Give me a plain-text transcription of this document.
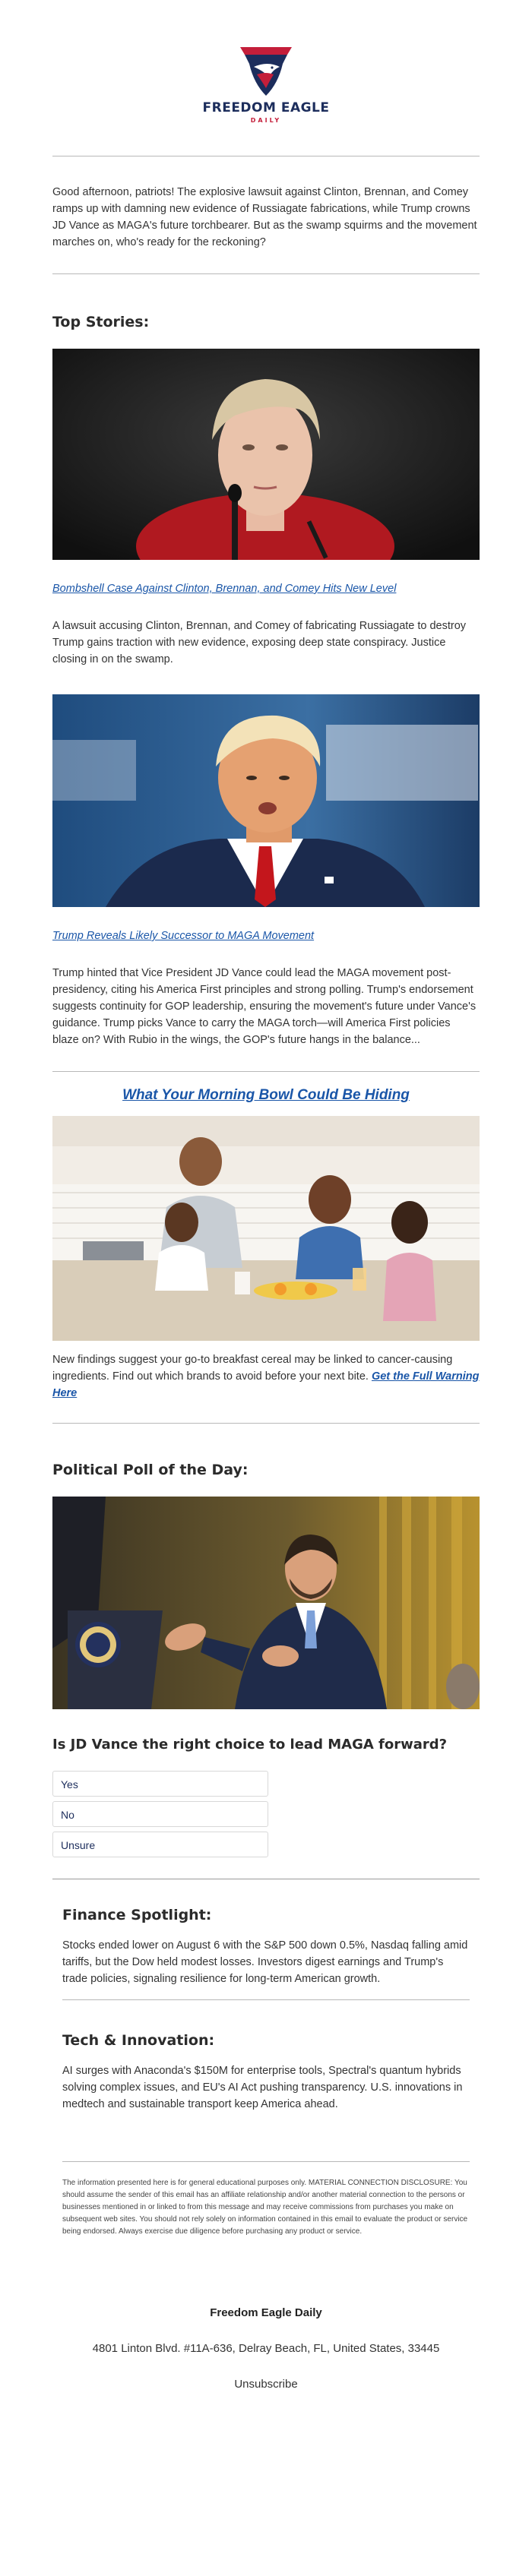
FREEDOM EAGLE
DAILY

Good afternoon, patriots! The explosive lawsuit against Clinton, Brennan, and Comey ramps up with damning new evidence of Russiagate fabrications, while Trump crowns JD Vance as MAGA's future torchbearer. But as the swamp squirms and the movement marches on, who's ready for the reckoning?

Top Stories:
Bombshell Case Against Clinton, Brennan, and Comey Hits New Level

A lawsuit accusing Clinton, Brennan, and Comey of fabricating Russiagate to destroy Trump gains traction with new evidence, exposing deep state conspiracy. Justice closing in on the swamp.

Trump Reveals Likely Successor to MAGA Movement

Trump hinted that Vice President JD Vance could lead the MAGA movement post-presidency, citing his America First principles and strong polling. Trump's endorsement suggests continuity for GOP leadership, ensuring the movement's future under Vance's guidance. Trump picks Vance to carry the MAGA torch—will America First policies blaze on? With Rubio in the wings, the GOP's future hangs in the balance...

What Your Morning Bowl Could Be Hiding

New findings suggest your go-to breakfast cereal may be linked to cancer-causing ingredients. Find out which brands to avoid before your next bite. Get the Full Warning Here

Political Poll of the Day:
Is JD Vance the right choice to lead MAGA forward?
Yes
No
Unsure
Finance Spotlight:

Stocks ended lower on August 6 with the S&P 500 down 0.5%, Nasdaq falling amid tariffs, but the Dow held modest losses. Investors digest earnings and Trump's trade policies, signaling resilience for long-term American growth.

Tech & Innovation:

AI surges with Anaconda's $150M for enterprise tools, Spectral's quantum hybrids solving complex issues, and EU's AI Act pushing transparency. U.S. innovations in medtech and sustainable transport keep America ahead.

The information presented here is for general educational purposes only. MATERIAL CONNECTION DISCLOSURE: You should assume the sender of this email has an affiliate relationship and/or another material connection to the persons or businesses mentioned in or linked to from this message and may receive commissions from purchases you make on subsequent web sites. You should not rely solely on information contained in this email to evaluate the product or service being endorsed. Always exercise due diligence before purchasing any product or service.

Freedom Eagle Daily
4801 Linton Blvd. #11A-636, Delray Beach, FL, United States, 33445
Unsubscribe
